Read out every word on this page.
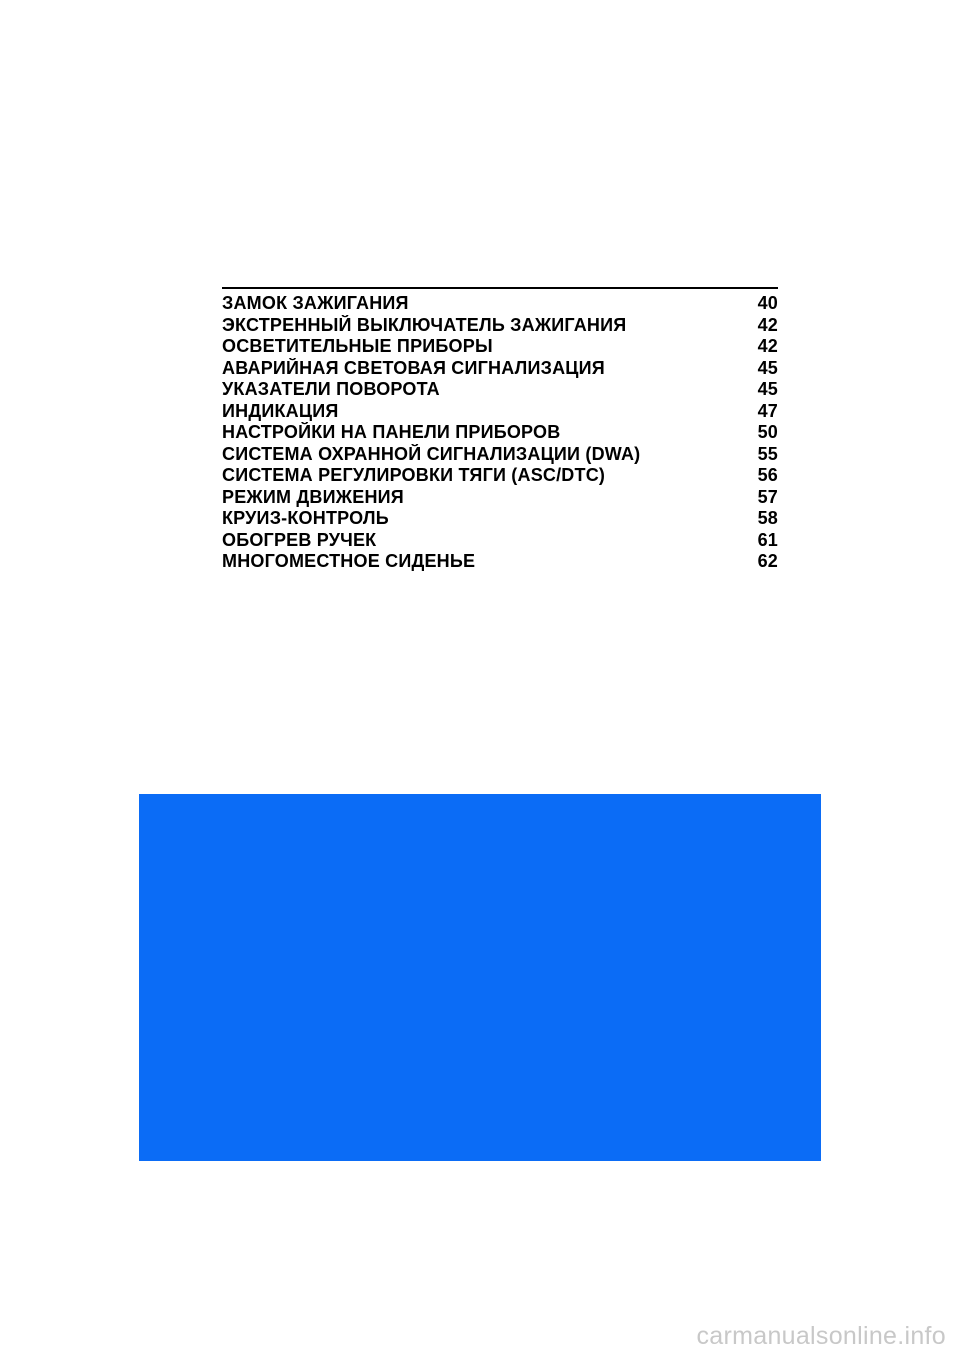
ЗАМОК ЗАЖИГАНИЯ	40
ЭКСТРЕННЫЙ ВЫКЛЮЧАТЕЛЬ ЗАЖИГАНИЯ	42
ОСВЕТИТЕЛЬНЫЕ ПРИБОРЫ	42
АВАРИЙНАЯ СВЕТОВАЯ СИГНАЛИЗАЦИЯ	45
УКАЗАТЕЛИ ПОВОРОТА	45
ИНДИКАЦИЯ	47
НАСТРОЙКИ НА ПАНЕЛИ ПРИБОРОВ	50
СИСТЕМА ОХРАННОЙ СИГНАЛИЗАЦИИ (DWA)	55
СИСТЕМА РЕГУЛИРОВКИ ТЯГИ (ASC/DTC)	56
РЕЖИМ ДВИЖЕНИЯ	57
КРУИЗ-КОНТРОЛЬ	58
ОБОГРЕВ РУЧЕК	61
МНОГОМЕСТНОЕ СИДЕНЬЕ	62
carmanualsonline.info
